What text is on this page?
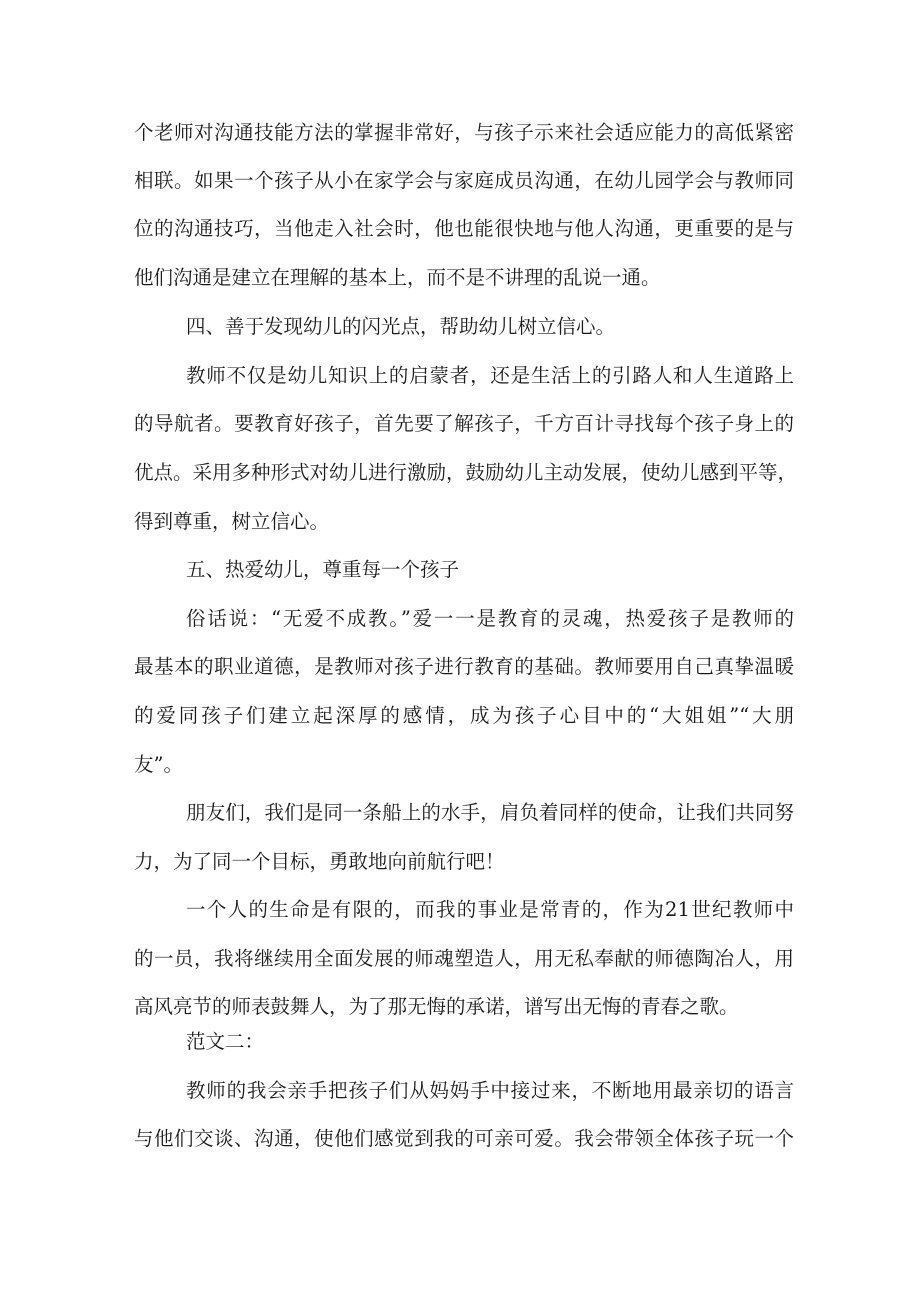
个老师对沟通技能方法的掌握非常好，与孩子示来社会适应能力的高低紧密
相联。如果一个孩子从小在家学会与家庭成员沟通，在幼儿园学会与教师同
位的沟通技巧，当他走入社会时，他也能很快地与他人沟通，更重要的是与
他们沟通是建立在理解的基本上，而不是不讲理的乱说一通。
四、善于发现幼儿的闪光点，帮助幼儿树立信心。
教师不仅是幼儿知识上的启蒙者，还是生活上的引路人和人生道路上
的导航者。要教育好孩子，首先要了解孩子，千方百计寻找每个孩子身上的
优点。采用多种形式对幼儿进行激励，鼓励幼儿主动发展，使幼儿感到平等，
得到尊重，树立信心。
五、热爱幼儿，尊重每一个孩子
俗话说：“无爱不成教。”爱一一是教育的灵魂，热爱孩子是教师的
最基本的职业道德，是教师对孩子进行教育的基础。教师要用自己真挚温暖
的爱同孩子们建立起深厚的感情，成为孩子心目中的“大姐姐”“大朋
友”。
朋友们，我们是同一条船上的水手，肩负着同样的使命，让我们共同努
力，为了同一个目标，勇敢地向前航行吧！
一个人的生命是有限的，而我的事业是常青的，作为21世纪教师中
的一员，我将继续用全面发展的师魂塑造人，用无私奉献的师德陶冶人，用
高风亮节的师表鼓舞人，为了那无悔的承诺，谱写出无悔的青春之歌。
范文二：
教师的我会亲手把孩子们从妈妈手中接过来，不断地用最亲切的语言
与他们交谈、沟通，使他们感觉到我的可亲可爱。我会带领全体孩子玩一个
